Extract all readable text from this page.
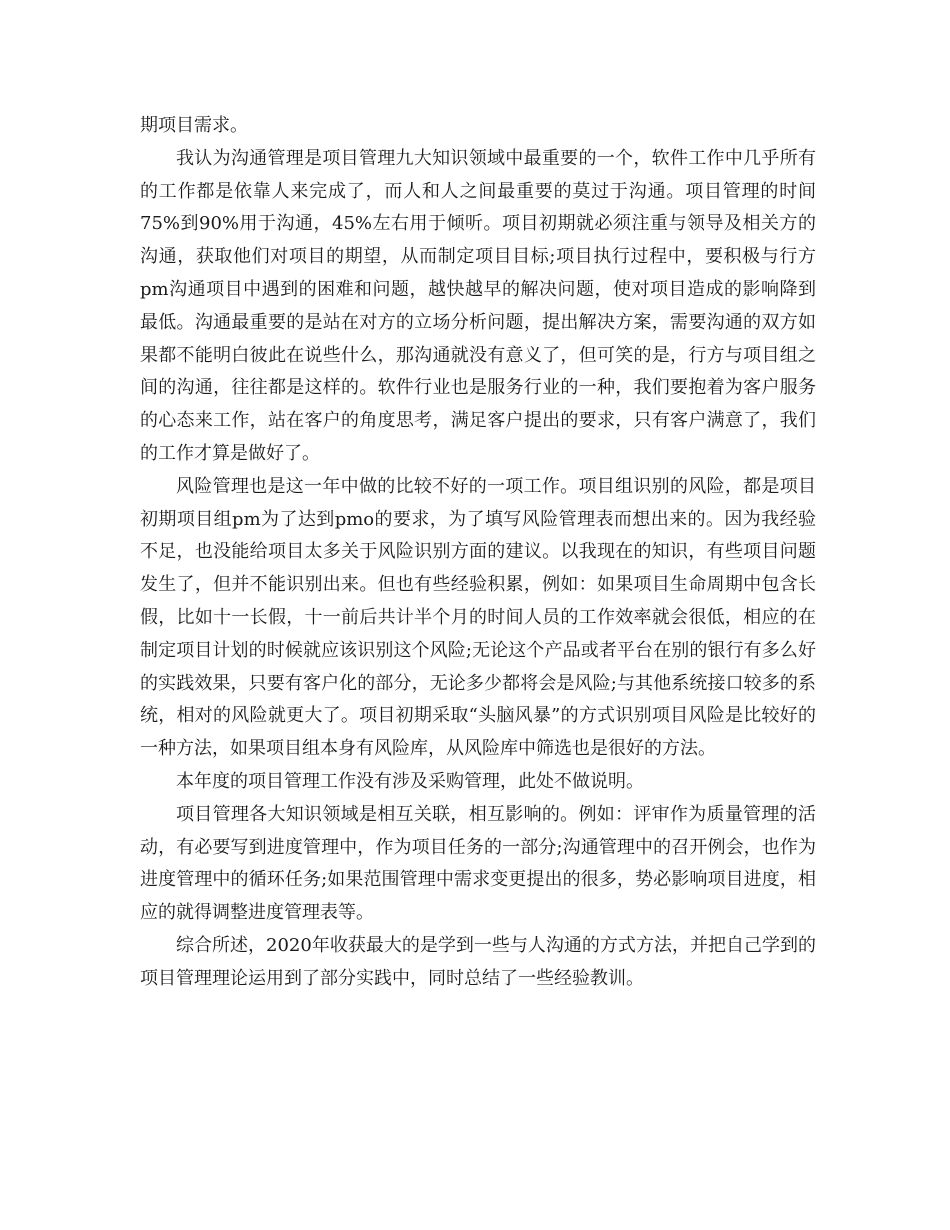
期项目需求。

我认为沟通管理是项目管理九大知识领域中最重要的一个，软件工作中几乎所有的工作都是依靠人来完成了，而人和人之间最重要的莫过于沟通。项目管理的时间75%到90%用于沟通，45%左右用于倾听。项目初期就必须注重与领导及相关方的沟通，获取他们对项目的期望，从而制定项目目标;项目执行过程中，要积极与行方pm沟通项目中遇到的困难和问题，越快越早的解决问题，使对项目造成的影响降到最低。沟通最重要的是站在对方的立场分析问题，提出解决方案，需要沟通的双方如果都不能明白彼此在说些什么，那沟通就没有意义了，但可笑的是，行方与项目组之间的沟通，往往都是这样的。软件行业也是服务行业的一种，我们要抱着为客户服务的心态来工作，站在客户的角度思考，满足客户提出的要求，只有客户满意了，我们的工作才算是做好了。

风险管理也是这一年中做的比较不好的一项工作。项目组识别的风险，都是项目初期项目组pm为了达到pmo的要求，为了填写风险管理表而想出来的。因为我经验不足，也没能给项目太多关于风险识别方面的建议。以我现在的知识，有些项目问题发生了，但并不能识别出来。但也有些经验积累，例如：如果项目生命周期中包含长假，比如十一长假，十一前后共计半个月的时间人员的工作效率就会很低，相应的在制定项目计划的时候就应该识别这个风险;无论这个产品或者平台在别的银行有多么好的实践效果，只要有客户化的部分，无论多少都将会是风险;与其他系统接口较多的系统，相对的风险就更大了。项目初期采取“头脑风暴”的方式识别项目风险是比较好的一种方法，如果项目组本身有风险库，从风险库中筛选也是很好的方法。

本年度的项目管理工作没有涉及采购管理，此处不做说明。

项目管理各大知识领域是相互关联，相互影响的。例如：评审作为质量管理的活动，有必要写到进度管理中，作为项目任务的一部分;沟通管理中的召开例会，也作为进度管理中的循环任务;如果范围管理中需求变更提出的很多，势必影响项目进度，相应的就得调整进度管理表等。

综合所述，2020年收获最大的是学到一些与人沟通的方式方法，并把自己学到的项目管理理论运用到了部分实践中，同时总结了一些经验教训。
